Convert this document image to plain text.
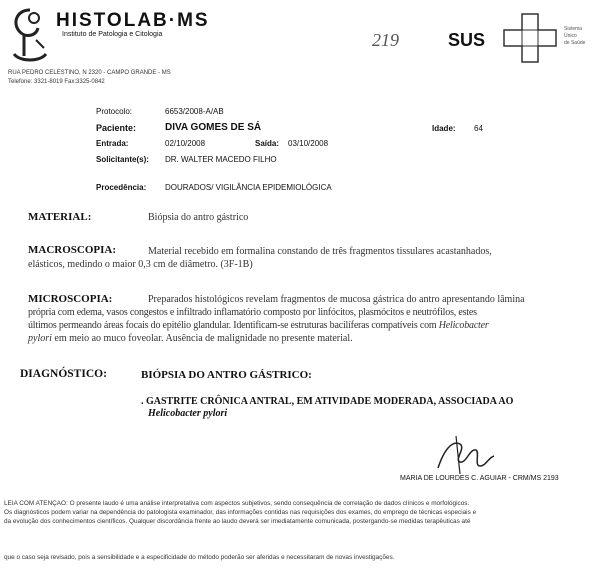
HISTOLAB·MS
Instituto de Patologia e Citologia
RUA PEDRO CELESTINO, N 2320 - CAMPO GRANDE - MS
Telefone: 3321-8019 Fax:3325-0842
219	SUS
Sistema
Único
de Saúde
Protocolo:	6653/2008-A/AB
Paciente:	DIVA GOMES DE SÁ	Idade: 64
Entrada:	02/10/2008	Saída: 03/10/2008
Solicitante(s): DR. WALTER MACEDO FILHO
Procedência: DOURADOS/ VIGILÂNCIA EPIDEMIOLÓGICA
MATERIAL:	Biópsia do antro gástrico
MACROSCOPIA:	Material recebido em formalina constando de três fragmentos tissulares acastanhados,
elásticos, medindo o maior 0,3 cm de diâmetro. (3F-1B)
MICROSCOPIA:	Preparados histológicos revelam fragmentos de mucosa gástrica do antro apresentando lâmina
própria com edema, vasos congestos e infiltrado inflamatório composto por linfócitos, plasmócitos e neutrófilos, estes
últimos permeando áreas focais do epitélio glandular. Identificam-se estruturas bacilíferas compatíveis com Helicobacter
pylori em meio ao muco foveolar. Ausência de malignidade no presente material.
DIAGNÓSTICO:	BIÓPSIA DO ANTRO GÁSTRICO:
. GASTRITE CRÔNICA ANTRAL, EM ATIVIDADE MODERADA, ASSOCIADA AO
Helicobacter pylori
MARIA DE LOURDES C. AGUIAR - CRM/MS 2193
LEIA COM ATENÇÃO: O presente laudo é uma análise interpretativa com aspectos subjetivos, sendo consequência de correlação de dados clínicos e morfológicos.
Os diagnósticos podem variar na dependência do patologista examinador, das informações contidas nas requisições dos exames, do emprego de técnicas especiais e
da evolução dos conhecimentos científicos. Qualquer discordância frente ao laudo deverá ser imediatamente comunicada, postergando-se medidas terapêuticas até
que o caso seja revisado, pois a sensibilidade e a especificidade do método poderão ser aferidas e necessitaram de novas investigações.
